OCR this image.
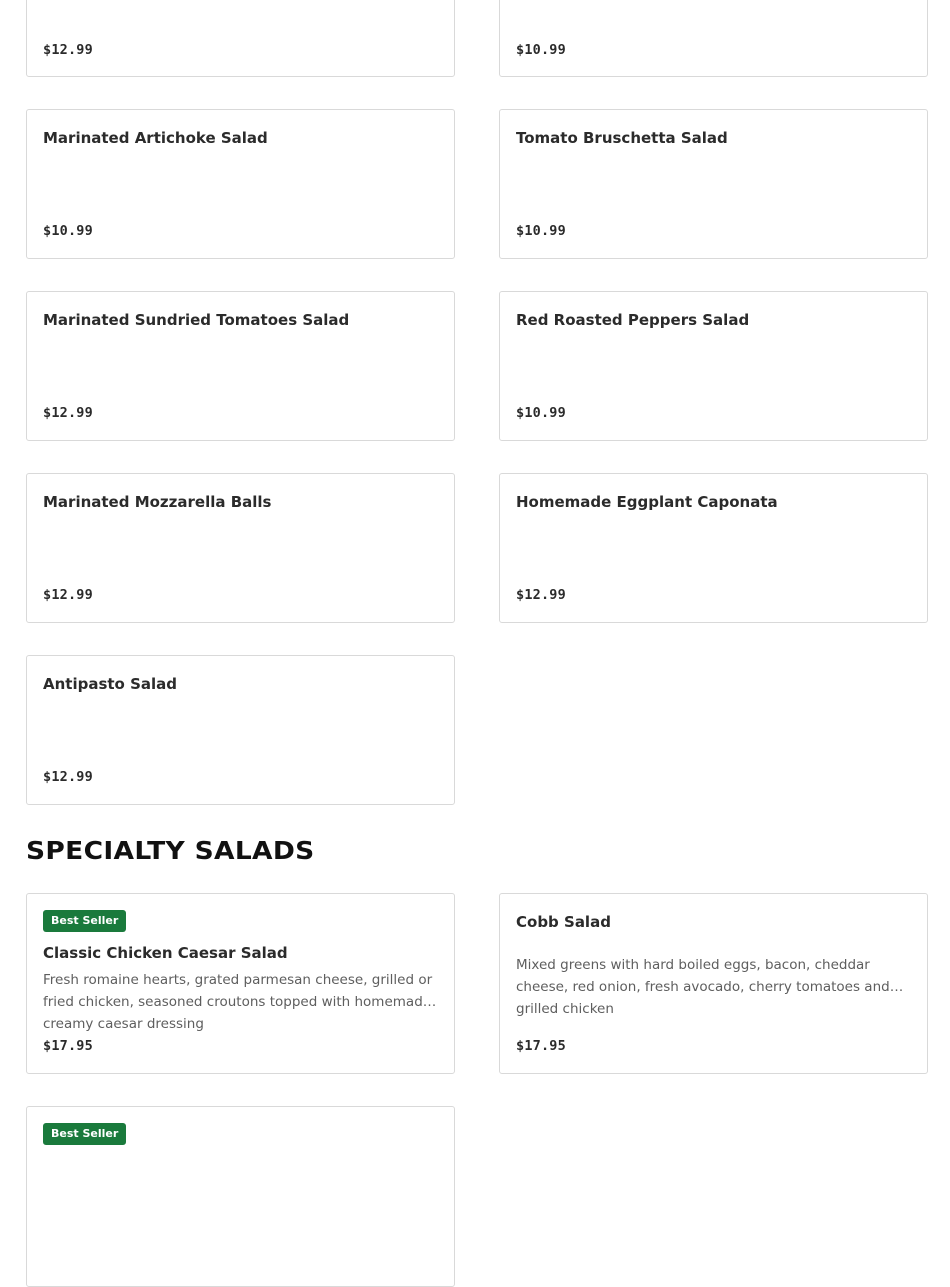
$12.99	$10.99
Marinated Artichoke Salad
$10.99
Tomato Bruschetta Salad
$10.99
Marinated Sundried Tomatoes Salad
$12.99
Red Roasted Peppers Salad
$10.99
Marinated Mozzarella Balls
$12.99
Homemade Eggplant Caponata
$12.99
Antipasto Salad
$12.99
SPECIALTY SALADS
Best Seller
Classic Chicken Caesar Salad
Fresh romaine hearts, grated parmesan cheese, grilled or fried chicken, seasoned croutons topped with homemade creamy caesar dressing
$17.95
Cobb Salad
Mixed greens with hard boiled eggs, bacon, cheddar cheese, red onion, fresh avocado, cherry tomatoes and grilled chicken
$17.95
Best Seller
